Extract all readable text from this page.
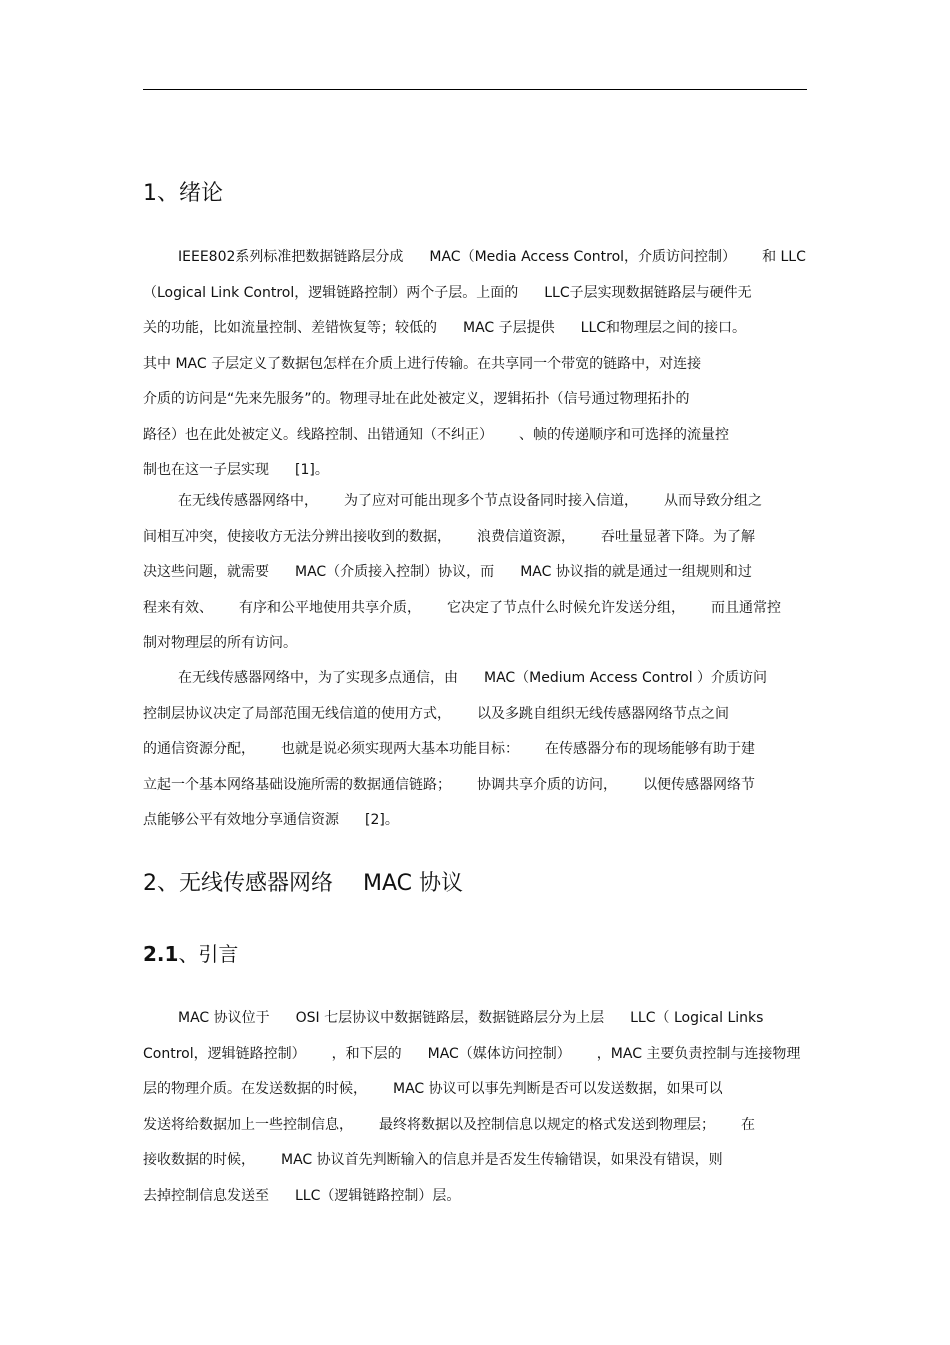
1、绪论
IEEE802系列标准把数据链路层分成 MAC（Media Access Control，介质访问控制） 和 LLC
（Logical Link Control，逻辑链路控制）两个子层。上面的 LLC子层实现数据链路层与硬件无
关的功能，比如流量控制、差错恢复等；较低的 MAC 子层提供 LLC和物理层之间的接口。
其中 MAC 子层定义了数据包怎样在介质上进行传输。在共享同一个带宽的链路中，对连接
介质的访问是“先来先服务”的。物理寻址在此处被定义，逻辑拓扑（信号通过物理拓扑的
路径）也在此处被定义。线路控制、出错通知（不纠正） 、帧的传递顺序和可选择的流量控
制也在这一子层实现 [1]。
在无线传感器网络中， 为了应对可能出现多个节点设备同时接入信道， 从而导致分组之
间相互冲突，使接收方无法分辨出接收到的数据， 浪费信道资源， 吞吐量显著下降。为了解
决这些问题，就需要 MAC（介质接入控制）协议，而 MAC 协议指的就是通过一组规则和过
程来有效、 有序和公平地使用共享介质， 它决定了节点什么时候允许发送分组， 而且通常控
制对物理层的所有访问。
在无线传感器网络中，为了实现多点通信，由 MAC（Medium Access Control ）介质访问
控制层协议决定了局部范围无线信道的使用方式， 以及多跳自组织无线传感器网络节点之间
的通信资源分配， 也就是说必须实现两大基本功能目标： 在传感器分布的现场能够有助于建
立起一个基本网络基础设施所需的数据通信链路； 协调共享介质的访问， 以便传感器网络节
点能够公平有效地分享通信资源 [2]。
2、无线传感器网络 MAC 协议
2.1、引言
MAC 协议位于 OSI 七层协议中数据链路层，数据链路层分为上层 LLC（ Logical Links
Control，逻辑链路控制） ，和下层的 MAC（媒体访问控制） ，MAC 主要负责控制与连接物理
层的物理介质。在发送数据的时候， MAC 协议可以事先判断是否可以发送数据，如果可以
发送将给数据加上一些控制信息， 最终将数据以及控制信息以规定的格式发送到物理层； 在
接收数据的时候， MAC 协议首先判断输入的信息并是否发生传输错误，如果没有错误，则
去掉控制信息发送至 LLC（逻辑链路控制）层。
